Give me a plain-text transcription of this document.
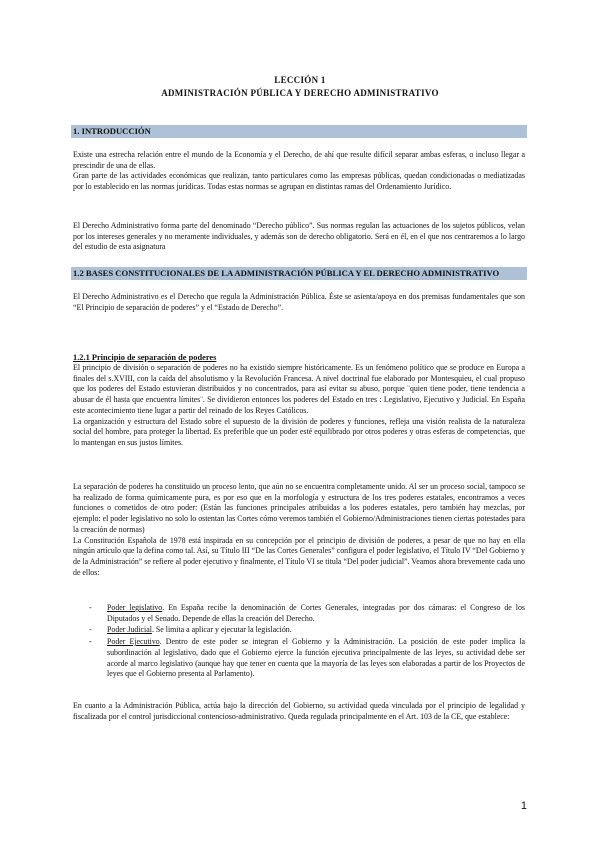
LECCIÓN 1
ADMINISTRACIÓN PÚBLICA Y DERECHO ADMINISTRATIVO
1. INTRODUCCIÓN

Existe una estrecha relación entre el mundo de la Economía y el Derecho, de ahí que resulte difícil separar ambas esferas, o incluso llegar a prescindir de una de ellas.

Gran parte de las actividades económicas que realizan, tanto particulares como las empresas públicas, quedan condicionadas o mediatizadas por lo establecido en las normas jurídicas. Todas estas normas se agrupan en distintas ramas del Ordenamiento Jurídico.

El Derecho Administrativo forma parte del denominado “Derecho público”. Sus normas regulan las actuaciones de los sujetos públicos, velan por los intereses generales y no meramente individuales, y además son de derecho obligatorio. Será en él, en el que nos centraremos a lo largo del estudio de esta asignatura

1.2 BASES CONSTITUCIONALES DE LA ADMINISTRACIÓN PÚBLICA Y EL DERECHO ADMINISTRATIVO

El Derecho Administrativo es el Derecho que regula la Administración Pública. Éste se asienta/apoya en dos premisas fundamentales que son “El Principio de separación de poderes” y el “Estado de Derecho”.

1.2.1 Principio de separación de poderes

El principio de división o separación de poderes no ha existido siempre históricamente. Es un fenómeno político que se produce en Europa a finales del s.XVIII, con la caída del absolutismo y la Revolución Francesa. A nivel doctrinal fue elaborado por Montesquieu, el cual propuso que los poderes del Estado estuvieran distribuidos y no concentrados, para así evitar su abuso, porque ¨quien tiene poder, tiene tendencia a abusar de él hasta que encuentra límites¨. Se dividieron entonces los poderes del Estado en tres : Legislativo, Ejecutivo y Judicial. En España este acontecimiento tiene lugar a partir del reinado de los Reyes Católicos.

La organización y estructura del Estado sobre el supuesto de la división de poderes y funciones, refleja una visión realista de la naturaleza social del hombre, para proteger la libertad. Es preferible que un poder esté equilibrado por otros poderes y otras esferas de competencias, que lo mantengan en sus justos límites.

La separación de poderes ha constituido un proceso lento, que aún no se encuentra completamente unido. Al ser un proceso social, tampoco se ha realizado de forma químicamente pura, es por eso que en la morfología y estructura de los tres poderes estatales, encontramos a veces funciones o cometidos de otro poder: (Están las funciones principales atribuidas a los poderes estatales, pero también hay mezclas, por ejemplo: el poder legislativo no solo lo ostentan las Cortes cómo veremos también el Gobierno/Administraciones tienen ciertas potestades para la creación de normas)

La Constitución Española de 1978 está inspirada en su concepción por el principio de división de poderes, a pesar de que no hay en ella ningún artículo que la defina como tal. Así, su Título III “De las Cortes Generales” configura el poder legislativo, el Título IV “Del Gobierno y de la Administración” se refiere al poder ejecutivo y finalmente, el Título VI se titula “Del poder judicial”. Veamos ahora brevemente cada uno de ellos:

-	Poder legislativo. En España recibe la denominación de Cortes Generales, integradas por dos cámaras: el Congreso de los Diputados y el Senado. Depende de ellas la creación del Derecho.
-	Poder Judicial. Se limita a aplicar y ejecutar la legislación.
-	Poder Ejecutivo. Dentro de este poder se integran el Gobierno y la Administración. La posición de este poder implica la subordinación al legislativo, dado que el Gobierno ejerce la función ejecutiva principalmente de las leyes, su actividad debe ser acorde al marco legislativo (aunque hay que tener en cuenta que la mayoría de las leyes son elaboradas a partir de los Proyectos de leyes que el Gobierno presenta al Parlamento).

En cuanto a la Administración Pública, actúa bajo la dirección del Gobierno, su actividad queda vinculada por el principio de legalidad y fiscalizada por el control jurisdiccional contencioso-administrativo. Queda regulada principalmente en el Art. 103 de la CE, que establece:

1
